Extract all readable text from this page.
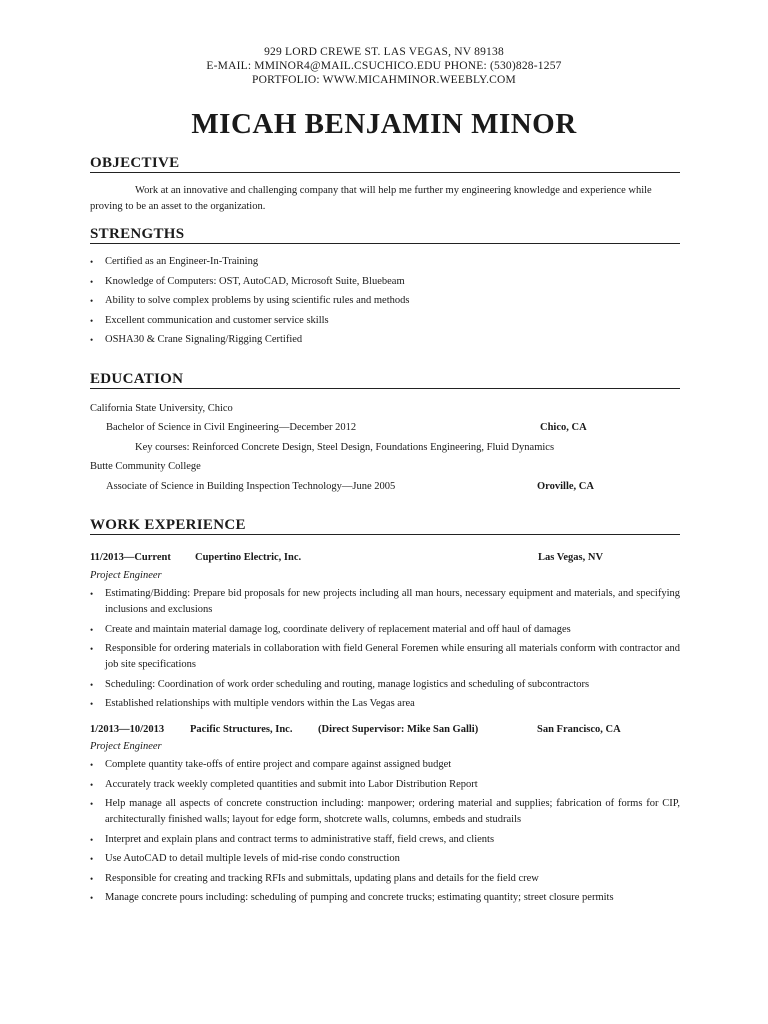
929 LORD CREWE ST. LAS VEGAS, NV 89138
E-MAIL: MMINOR4@MAIL.CSUCHICO.EDU PHONE: (530)828-1257
PORTFOLIO: WWW.MICAHMINOR.WEEBLY.COM
MICAH BENJAMIN MINOR
OBJECTIVE
Work at an innovative and challenging company that will help me further my engineering knowledge and experience while proving to be an asset to the organization.
STRENGTHS
• Certified as an Engineer-In-Training
• Knowledge of Computers: OST, AutoCAD, Microsoft Suite, Bluebeam
• Ability to solve complex problems by using scientific rules and methods
• Excellent communication and customer service skills
• OSHA30 & Crane Signaling/Rigging Certified
EDUCATION
California State University, Chico
Bachelor of Science in Civil Engineering—December 2012	Chico, CA
Key courses: Reinforced Concrete Design, Steel Design, Foundations Engineering, Fluid Dynamics
Butte Community College
Associate of Science in Building Inspection Technology—June 2005	Oroville, CA
WORK EXPERIENCE
11/2013—Current Cupertino Electric, Inc.	Las Vegas, NV
Project Engineer
• Estimating/Bidding: Prepare bid proposals for new projects including all man hours, necessary equipment and materials, and specifying inclusions and exclusions
• Create and maintain material damage log, coordinate delivery of replacement material and off haul of damages
• Responsible for ordering materials in collaboration with field General Foremen while ensuring all materials conform with contractor and job site specifications
• Scheduling: Coordination of work order scheduling and routing, manage logistics and scheduling of subcontractors
• Established relationships with multiple vendors within the Las Vegas area
1/2013—10/2013 Pacific Structures, Inc. (Direct Supervisor: Mike San Galli)	San Francisco, CA
Project Engineer
• Complete quantity take-offs of entire project and compare against assigned budget
• Accurately track weekly completed quantities and submit into Labor Distribution Report
• Help manage all aspects of concrete construction including: manpower; ordering material and supplies; fabrication of forms for CIP, architecturally finished walls; layout for edge form, shotcrete walls, columns, embeds and studrails
• Interpret and explain plans and contract terms to administrative staff, field crews, and clients
• Use AutoCAD to detail multiple levels of mid-rise condo construction
• Responsible for creating and tracking RFIs and submittals, updating plans and details for the field crew
• Manage concrete pours including: scheduling of pumping and concrete trucks; estimating quantity; street closure permits
